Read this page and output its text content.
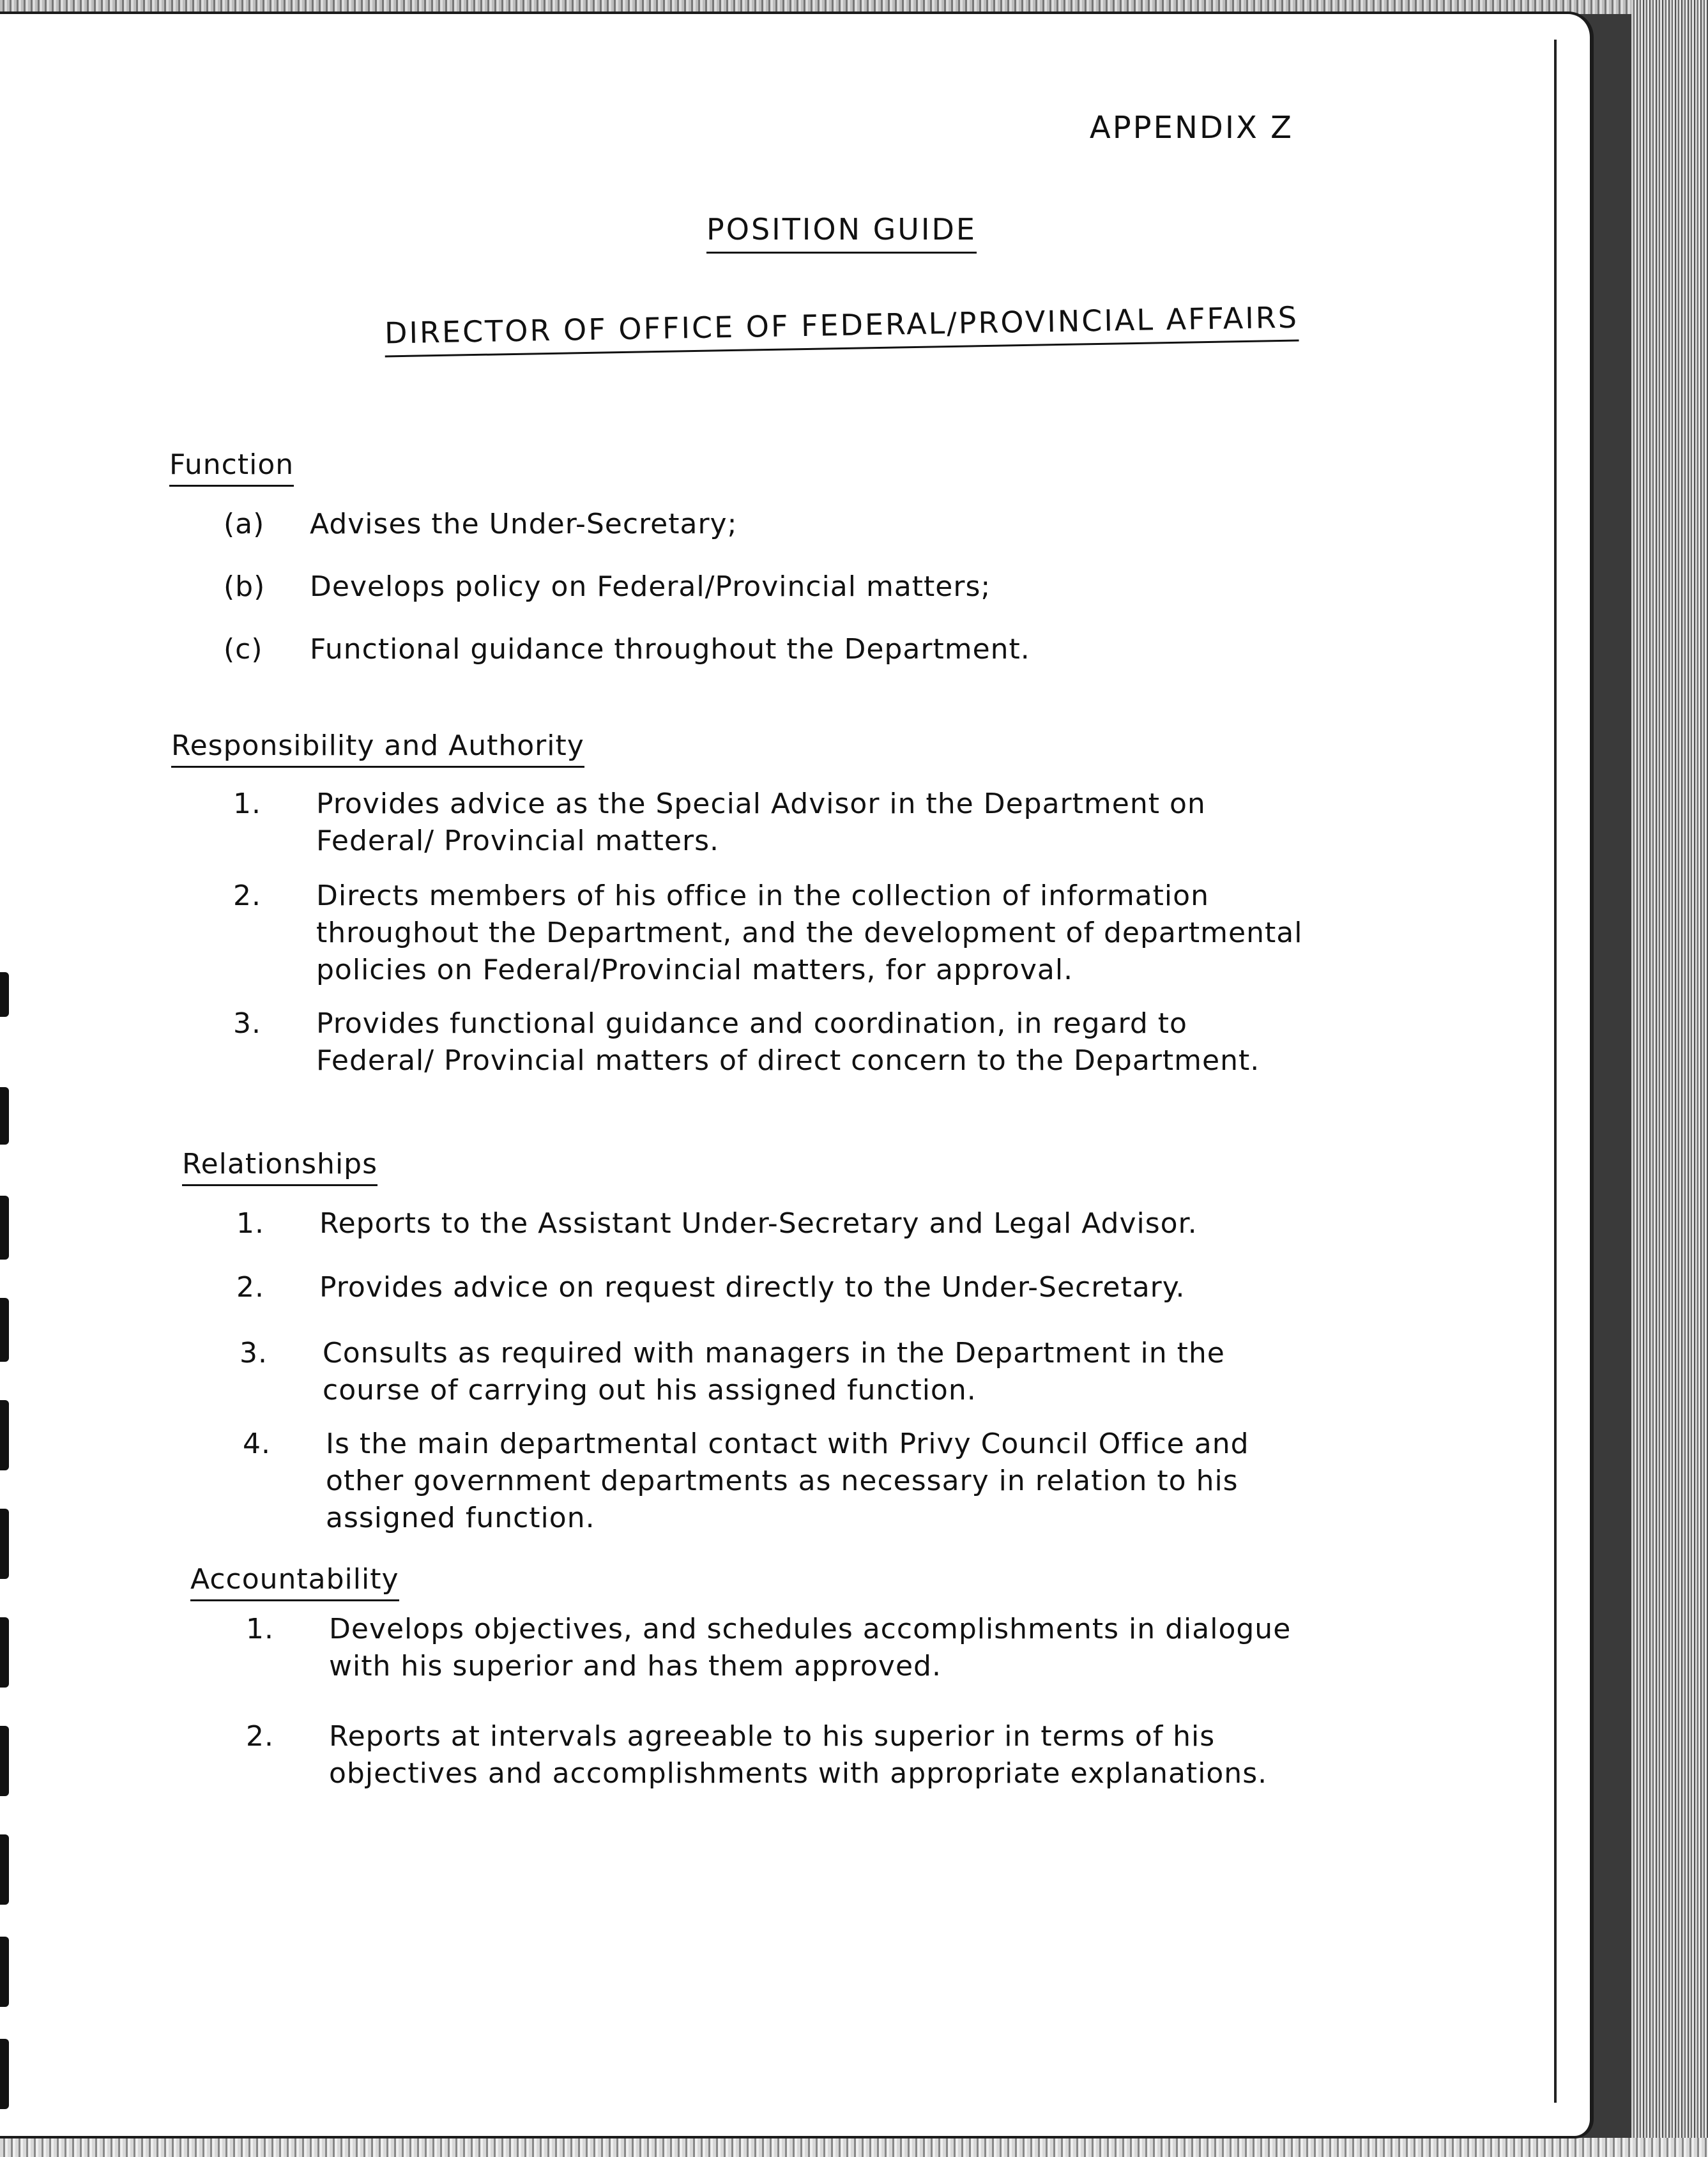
APPENDIX Z
POSITION GUIDE
DIRECTOR OF OFFICE OF FEDERAL/PROVINCIAL AFFAIRS
Function
(a)	Advises the Under-Secretary;
(b)	Develops policy on Federal/Provincial matters;
(c)	Functional guidance throughout the Department.
Responsibility and Authority
1.	Provides advice as the Special Advisor in the Department on Federal/ Provincial matters.
2.	Directs members of his office in the collection of information throughout the Department, and the development of departmental policies on Federal/Provincial matters, for approval.
3.	Provides functional guidance and coordination, in regard to Federal/ Provincial matters of direct concern to the Department.
Relationships
1.	Reports to the Assistant Under-Secretary and Legal Advisor.
2.	Provides advice on request directly to the Under-Secretary.
3.	Consults as required with managers in the Department in the course of carrying out his assigned function.
4.	Is the main departmental contact with Privy Council Office and other government departments as necessary in relation to his assigned function.
Accountability
1.	Develops objectives, and schedules accomplishments in dialogue with his superior and has them approved.
2.	Reports at intervals agreeable to his superior in terms of his objectives and accomplishments with appropriate explanations.
